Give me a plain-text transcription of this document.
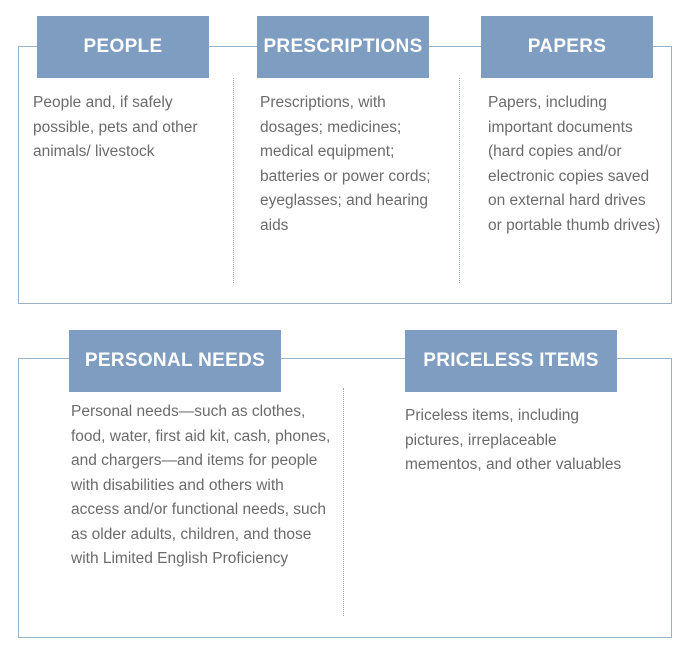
PEOPLE	PRESCRIPTIONS	PAPERS
PERSONAL NEEDS	PRICELESS ITEMS

People and, if safely possible, pets and other animals/ livestock

Prescriptions, with dosages; medicines; medical equipment; batteries or power cords; eyeglasses; and hearing aids

Papers, including important documents (hard copies and/or electronic copies saved on external hard drives or portable thumb drives)

Personal needs—such as clothes, food, water, first aid kit, cash, phones, and chargers—and items for people with disabilities and others with access and/or functional needs, such as older adults, children, and those with Limited English Proficiency

Priceless items, including pictures, irreplaceable mementos, and other valuables
